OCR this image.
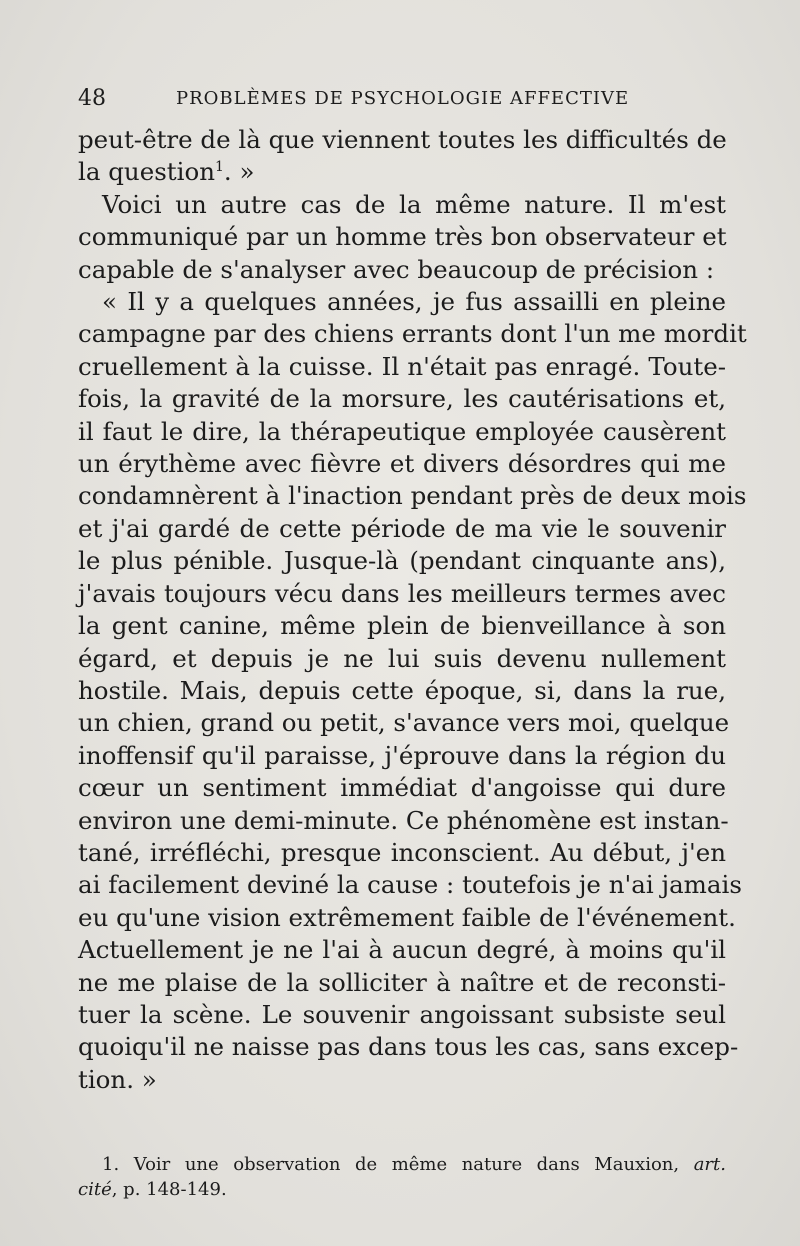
48	PROBLÈMES DE PSYCHOLOGIE AFFECTIVE
peut-être de là que viennent toutes les difficultés de
la question$^1$. »
Voici un autre cas de la même nature. Il m'est
communiqué par un homme très bon observateur et
capable de s'analyser avec beaucoup de précision :
« Il y a quelques années, je fus assailli en pleine
campagne par des chiens errants dont l'un me mordit
cruellement à la cuisse. Il n'était pas enragé. Toute-
fois, la gravité de la morsure, les cautérisations et,
il faut le dire, la thérapeutique employée causèrent
un érythème avec fièvre et divers désordres qui me
condamnèrent à l'inaction pendant près de deux mois
et j'ai gardé de cette période de ma vie le souvenir
le plus pénible. Jusque-là (pendant cinquante ans),
j'avais toujours vécu dans les meilleurs termes avec
la gent canine, même plein de bienveillance à son
égard, et depuis je ne lui suis devenu nullement
hostile. Mais, depuis cette époque, si, dans la rue,
un chien, grand ou petit, s'avance vers moi, quelque
inoffensif qu'il paraisse, j'éprouve dans la région du
cœur un sentiment immédiat d'angoisse qui dure
environ une demi-minute. Ce phénomène est instan-
tané, irréfléchi, presque inconscient. Au début, j'en
ai facilement deviné la cause : toutefois je n'ai jamais
eu qu'une vision extrêmement faible de l'événement.
Actuellement je ne l'ai à aucun degré, à moins qu'il
ne me plaise de la solliciter à naître et de reconsti-
tuer la scène. Le souvenir angoissant subsiste seul
quoiqu'il ne naisse pas dans tous les cas, sans excep-
tion. »
1. Voir une observation de même nature dans Mauxion, art.
cité, p. 148-149.
